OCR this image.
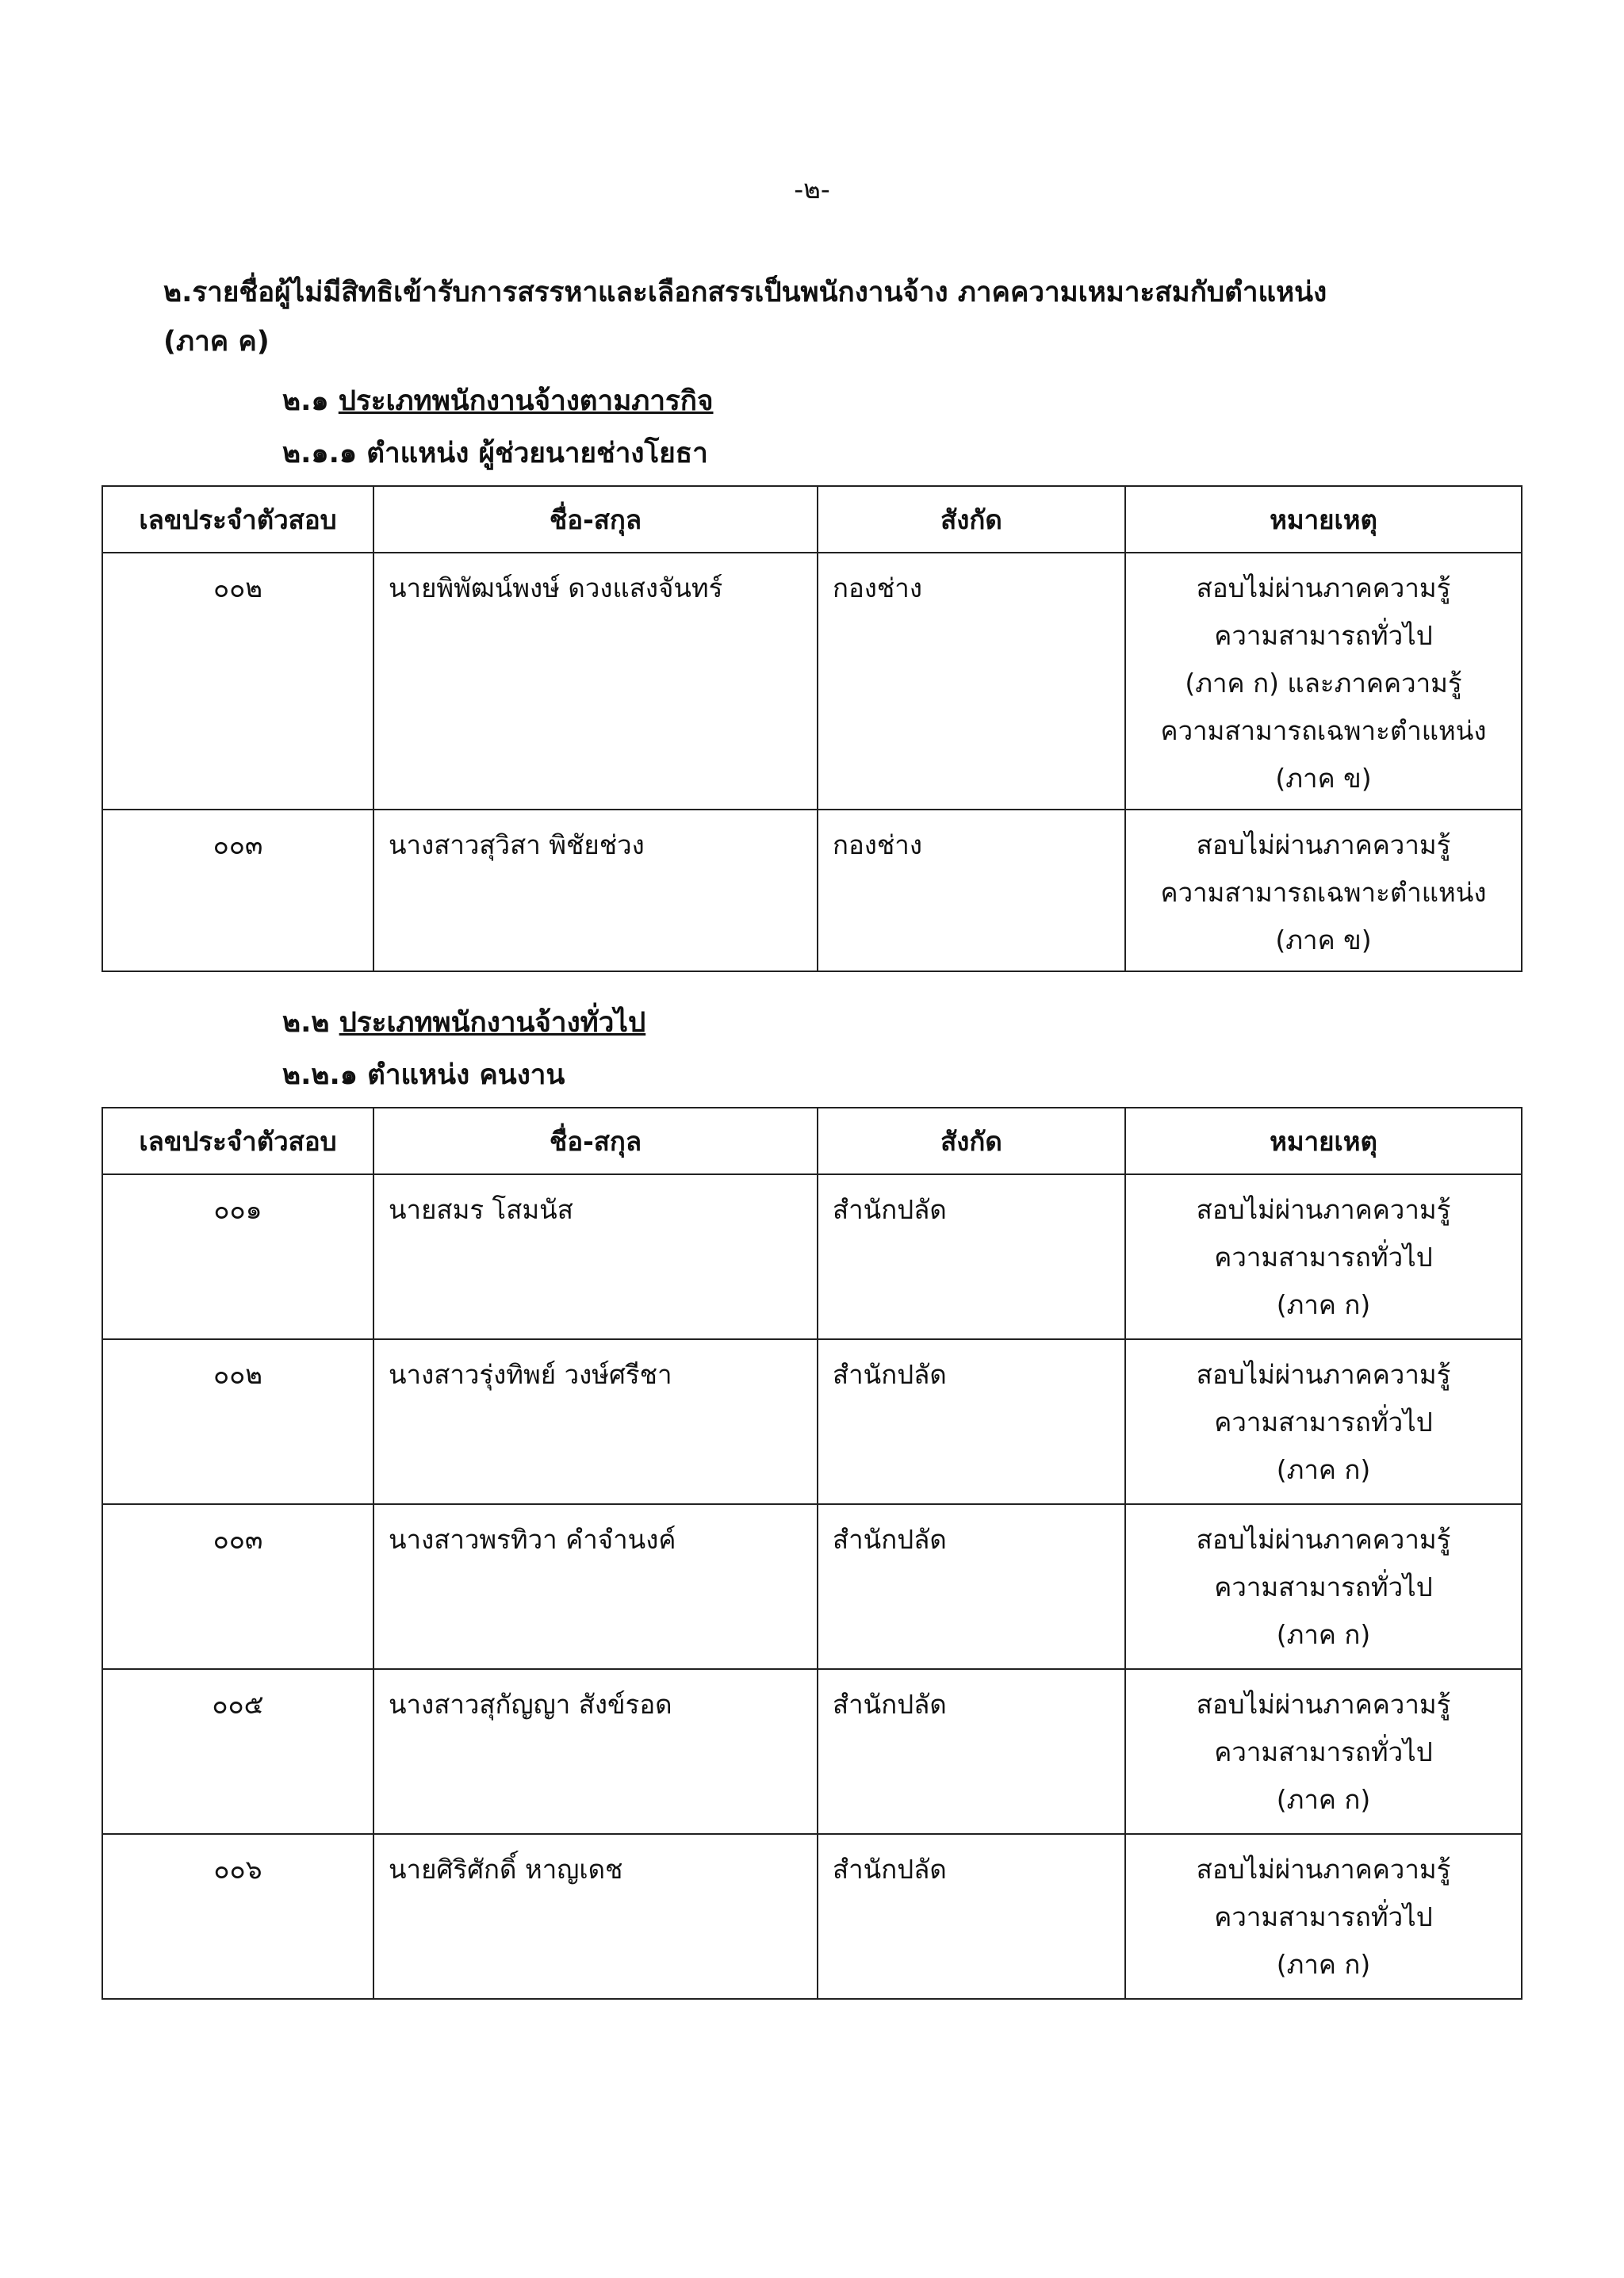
-๒-
๒.รายชื่อผู้ไม่มีสิทธิเข้ารับการสรรหาและเลือกสรรเป็นพนักงานจ้าง ภาคความเหมาะสมกับตำแหน่ง
(ภาค ค)
๒.๑ ประเภทพนักงานจ้างตามภารกิจ
๒.๑.๑ ตำแหน่ง ผู้ช่วยนายช่างโยธา
เลขประจำตัวสอบ	ชื่อ-สกุล	สังกัด	หมายเหตุ
๐๐๒	นายพิพัฒน์พงษ์ ดวงแสงจันทร์	กองช่าง	สอบไม่ผ่านภาคความรู้
ความสามารถทั่วไป
(ภาค ก) และภาคความรู้
ความสามารถเฉพาะตำแหน่ง
(ภาค ข)

๐๐๓	นางสาวสุวิสา พิชัยช่วง	กองช่าง	สอบไม่ผ่านภาคความรู้
ความสามารถเฉพาะตำแหน่ง
(ภาค ข)
๒.๒ ประเภทพนักงานจ้างทั่วไป
๒.๒.๑ ตำแหน่ง คนงาน
เลขประจำตัวสอบ	ชื่อ-สกุล	สังกัด	หมายเหตุ
๐๐๑	นายสมร โสมนัส	สำนักปลัด	สอบไม่ผ่านภาคความรู้
ความสามารถทั่วไป
(ภาค ก)

๐๐๒	นางสาวรุ่งทิพย์ วงษ์ศรีชา	สำนักปลัด	สอบไม่ผ่านภาคความรู้
ความสามารถทั่วไป
(ภาค ก)

๐๐๓	นางสาวพรทิวา คำจำนงค์	สำนักปลัด	สอบไม่ผ่านภาคความรู้
ความสามารถทั่วไป
(ภาค ก)

๐๐๕	นางสาวสุกัญญา สังข์รอด	สำนักปลัด	สอบไม่ผ่านภาคความรู้
ความสามารถทั่วไป
(ภาค ก)

๐๐๖	นายศิริศักดิ์ หาญเดช	สำนักปลัด	สอบไม่ผ่านภาคความรู้
ความสามารถทั่วไป
(ภาค ก)
